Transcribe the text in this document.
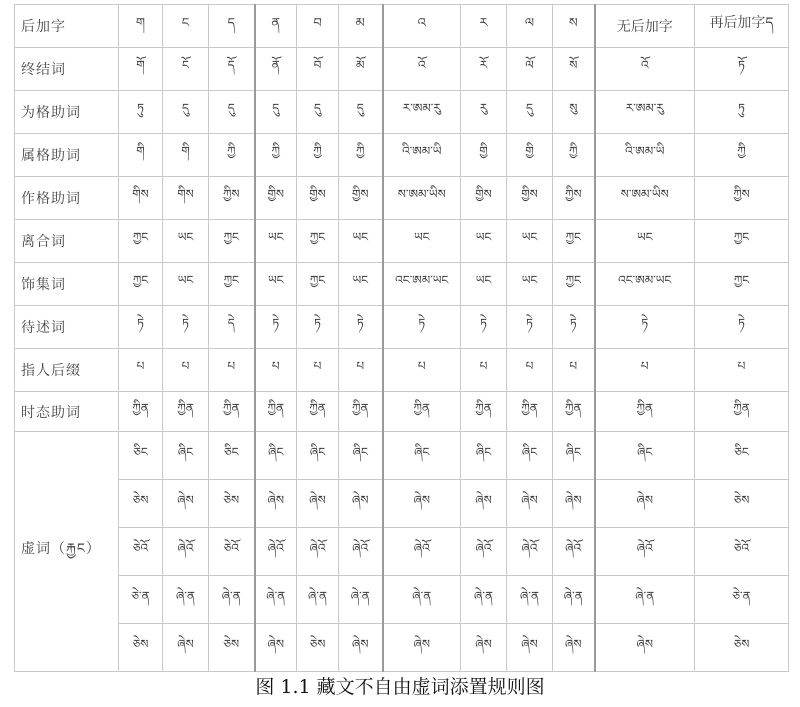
后加字	ག	ང	ད	ན	བ	མ	འ	ར	ལ	ས	无后加字	再后加字ད
终结词	གོ	ངོ	དོ	ནོ	བོ	མོ	འོ	རོ	ལོ	སོ	འོ	ཏོ
为格助词	ཏུ	དུ	དུ	དུ	དུ	དུ	ར་ཨམ་རུ	རུ	དུ	སུ	ར་ཨམ་རུ	ཏུ
属格助词	གི	གི	ཀྱི	ཀྱི	ཀྱི	ཀྱི	འི་ཨམ་ཡི	གྱི	གྱི	ཀྱི	འི་ཨམ་ཡི	ཀྱི
作格助词	གིས	གིས	ཀྱིས	གྱིས	གྱིས	གྱིས	ས་ཨམ་ཡིས	གྱིས	གྱིས	ཀྱིས	ས་ཨམ་ཡིས	ཀྱིས
离合词	ཀྱང	ཡང	ཀྱང	ཡང	ཀྱང	ཡང	ཡང	ཡང	ཡང	ཀྱང	ཡང	ཀྱང
饰集词	ཀྱང	ཡང	ཀྱང	ཡང	ཀྱང	ཡང	འང་ཨམ་ཡང	ཡང	ཡང	ཀྱང	འང་ཨམ་ཡང	ཀྱང
待述词	ཏེ	ཏེ	དེ	ཏེ	ཏེ	ཏེ	ཏེ	ཏེ	ཏེ	ཏེ	ཏེ	ཏེ
指人后缀	པ	པ	པ	པ	པ	པ	པ	པ	པ	པ	པ	པ
时态助词	ཀྱིན	ཀྱིན	ཀྱིན	ཀྱིན	ཀྱིན	ཀྱིན	ཀྱིན	ཀྱིན	ཀྱིན	ཀྱིན	ཀྱིན	ཀྱིན
虚词（རྐྱང）	ཅིང	ཞིང	ཅིང	ཞིང	ཞིང	ཞིང	ཞིང	ཞིང	ཞིང	ཞིང	ཞིང	ཅིང
	ཅེས	ཞེས	ཅེས	ཞེས	ཞེས	ཞེས	ཞེས	ཞེས	ཞེས	ཞེས	ཞེས	ཅེས
	ཅེའོ	ཞེའོ	ཅེའོ	ཞེའོ	ཞེའོ	ཞེའོ	ཞེའོ	ཞེའོ	ཞེའོ	ཞེའོ	ཞེའོ	ཅེའོ
	ཅེ་ན	ཞེ་ན	ཞེ་ན	ཞེ་ན	ཞེ་ན	ཞེ་ན	ཞེ་ན	ཞེ་ན	ཞེ་ན	ཞེ་ན	ཞེ་ན	ཅེ་ན
	ཅེས	ཞེས	ཅེས	ཞེས	ཅེས	ཞེས	ཞེས	ཞེས	ཞེས	ཞེས	ཞེས	ཅེས
图 1.1 藏文不自由虚词添置规则图
